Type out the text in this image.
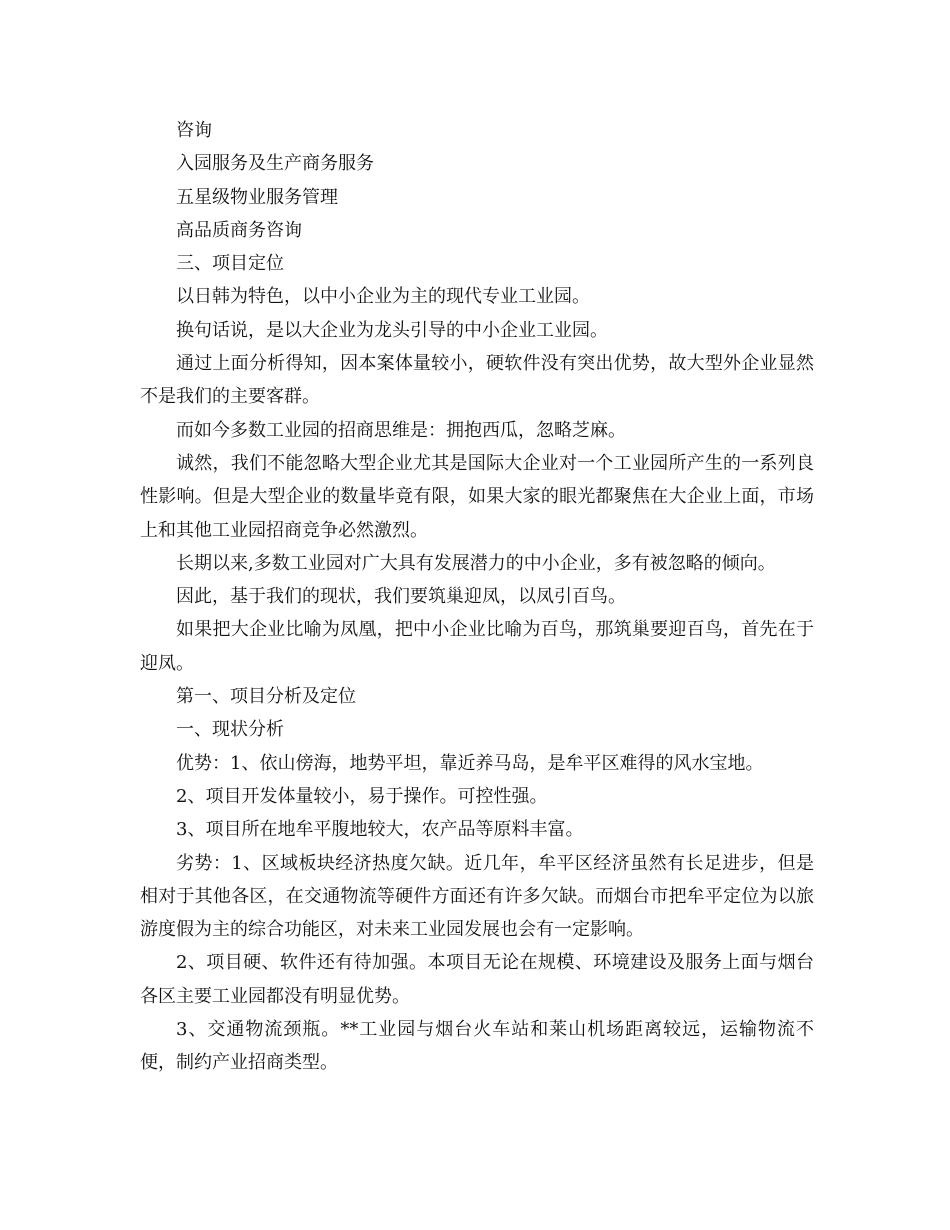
咨询

入园服务及生产商务服务

五星级物业服务管理

高品质商务咨询

三、项目定位

以日韩为特色，以中小企业为主的现代专业工业园。

换句话说，是以大企业为龙头引导的中小企业工业园。

通过上面分析得知，因本案体量较小，硬软件没有突出优势，故大型外企业显然不是我们的主要客群。

而如今多数工业园的招商思维是：拥抱西瓜，忽略芝麻。

诚然，我们不能忽略大型企业尤其是国际大企业对一个工业园所产生的一系列良性影响。但是大型企业的数量毕竟有限，如果大家的眼光都聚焦在大企业上面，市场上和其他工业园招商竞争必然激烈。

长期以来,多数工业园对广大具有发展潜力的中小企业，多有被忽略的倾向。

因此，基于我们的现状，我们要筑巢迎凤，以凤引百鸟。

如果把大企业比喻为凤凰，把中小企业比喻为百鸟，那筑巢要迎百鸟，首先在于迎凤。

第一、项目分析及定位

一、现状分析

优势：1、依山傍海，地势平坦，靠近养马岛，是牟平区难得的风水宝地。

2、项目开发体量较小，易于操作。可控性强。

3、项目所在地牟平腹地较大，农产品等原料丰富。

劣势：1、区域板块经济热度欠缺。近几年，牟平区经济虽然有长足进步，但是相对于其他各区，在交通物流等硬件方面还有许多欠缺。而烟台市把牟平定位为以旅游度假为主的综合功能区，对未来工业园发展也会有一定影响。

2、项目硬、软件还有待加强。本项目无论在规模、环境建设及服务上面与烟台各区主要工业园都没有明显优势。

3、交通物流颈瓶。**工业园与烟台火车站和莱山机场距离较远，运输物流不便，制约产业招商类型。
